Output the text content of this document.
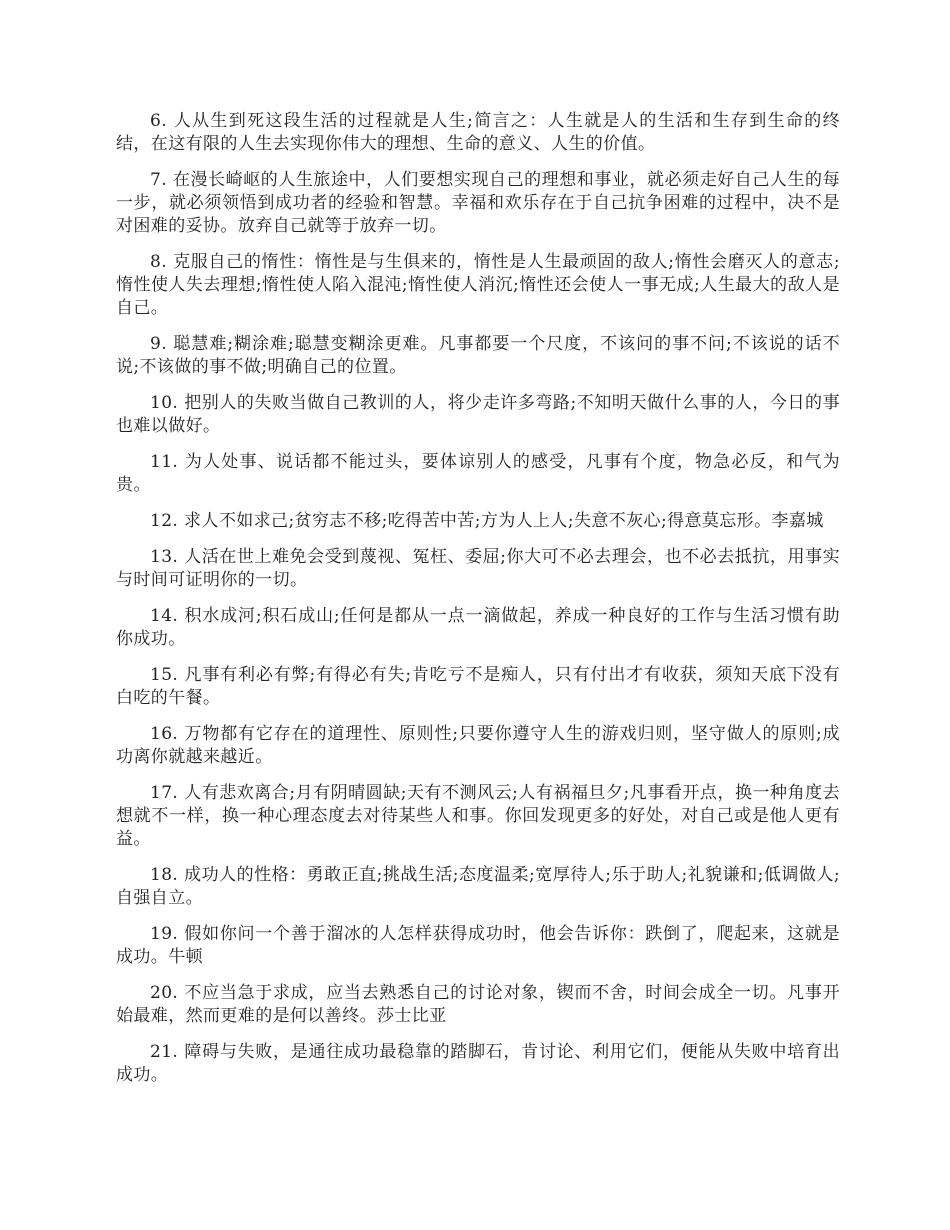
6. 人从生到死这段生活的过程就是人生;简言之：人生就是人的生活和生存到生命的终结，在这有限的人生去实现你伟大的理想、生命的意义、人生的价值。

7. 在漫长崎岖的人生旅途中，人们要想实现自己的理想和事业，就必须走好自己人生的每一步，就必须领悟到成功者的经验和智慧。幸福和欢乐存在于自己抗争困难的过程中，决不是对困难的妥协。放弃自己就等于放弃一切。

8. 克服自己的惰性：惰性是与生俱来的，惰性是人生最顽固的敌人;惰性会磨灭人的意志;惰性使人失去理想;惰性使人陷入混沌;惰性使人消沉;惰性还会使人一事无成;人生最大的敌人是自己。

9. 聪慧难;糊涂难;聪慧变糊涂更难。凡事都要一个尺度，不该问的事不问;不该说的话不说;不该做的事不做;明确自己的位置。

10. 把别人的失败当做自己教训的人，将少走许多弯路;不知明天做什么事的人，今日的事也难以做好。

11. 为人处事、说话都不能过头，要体谅别人的感受，凡事有个度，物急必反，和气为贵。

12. 求人不如求己;贫穷志不移;吃得苦中苦;方为人上人;失意不灰心;得意莫忘形。李嘉城

13. 人活在世上难免会受到蔑视、冤枉、委屈;你大可不必去理会，也不必去抵抗，用事实与时间可证明你的一切。

14. 积水成河;积石成山;任何是都从一点一滴做起，养成一种良好的工作与生活习惯有助你成功。

15. 凡事有利必有弊;有得必有失;肯吃亏不是痴人，只有付出才有收获，须知天底下没有白吃的午餐。

16. 万物都有它存在的道理性、原则性;只要你遵守人生的游戏归则，坚守做人的原则;成功离你就越来越近。

17. 人有悲欢离合;月有阴晴圆缺;天有不测风云;人有祸福旦夕;凡事看开点，换一种角度去想就不一样，换一种心理态度去对待某些人和事。你回发现更多的好处，对自己或是他人更有益。

18. 成功人的性格：勇敢正直;挑战生活;态度温柔;宽厚待人;乐于助人;礼貌谦和;低调做人;自强自立。

19. 假如你问一个善于溜冰的人怎样获得成功时，他会告诉你：跌倒了，爬起来，这就是成功。牛顿

20. 不应当急于求成，应当去熟悉自己的讨论对象，锲而不舍，时间会成全一切。凡事开始最难，然而更难的是何以善终。莎士比亚

21. 障碍与失败，是通往成功最稳靠的踏脚石，肯讨论、利用它们，便能从失败中培育出成功。
